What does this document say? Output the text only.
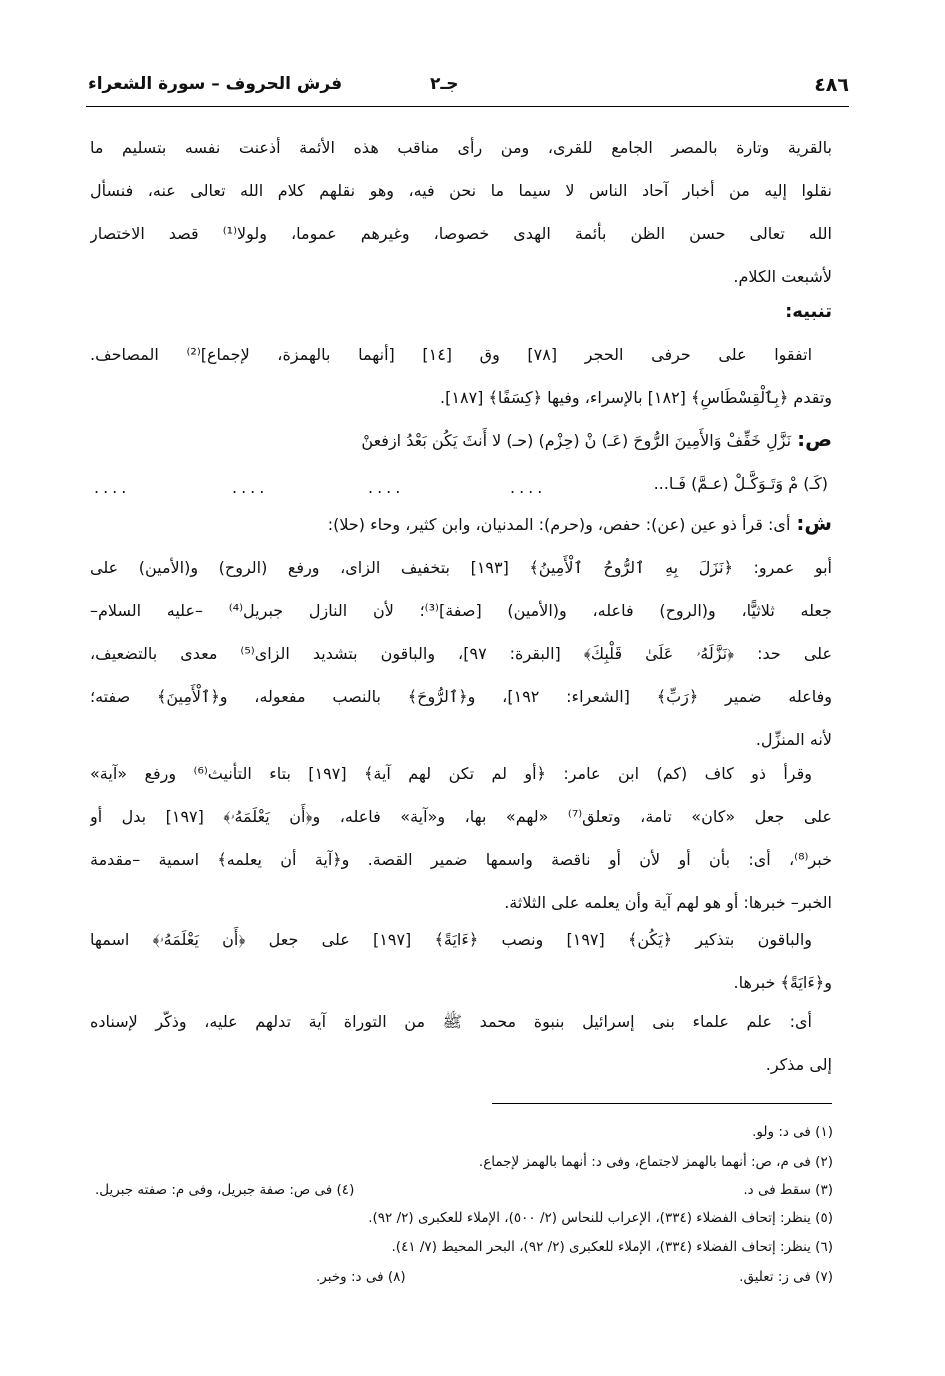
٤٨٦
جـ٢
فرش الحروف – سورة الشعراء
بالقرية وتارة بالمصر الجامع للقرى، ومن رأى مناقب هذه الأئمة أذعنت نفسه بتسليم ما
نقلوا إليه من أخبار آحاد الناس لا سيما ما نحن فيه، وهو نقلهم كلام الله تعالى عنه، فنسأل
الله تعالى حسن الظن بأئمة الهدى خصوصا، وغيرهم عموما، ولولا⁽¹⁾ قصد الاختصار
لأشبعت الكلام.
تنبيه:
اتفقوا على حرفى الحجر [٧٨] وق [١٤] [أنهما بالهمزة، لإجماع]⁽²⁾ المصاحف.
وتقدم ﴿بِٱلْقِسْطَاسِ﴾ [١٨٢] بالإسراء، وفيها ﴿كِسَفًا﴾ [١٨٧].
ص:نَزَّلِ خَفِّفْ وَالأَمِينَ الرُّوحَ (عَـ) نْ (حِزْم) (حـ) لا أَنثَ يَكُن بَعْدُ ازفعنْ
(كَـ) مْ وَتَـوَكَّـلْ (عـمَّ) فَـا...
....	....	....	....
ش:أى: قرأ ذو عين (عن): حفص، و(حرم): المدنيان، وابن كثير، وحاء (حلا):
أبو عمرو: ﴿نَزَلَ بِهِ ٱلرُّوحُ ٱلْأَمِينُ﴾ [١٩٣] بتخفيف الزاى، ورفع (الروح) و(الأمين) على
جعله ثلاثيًّا، و(الروح) فاعله، و(الأمين) [صفة]⁽³⁾؛ لأن النازل جبريل⁽⁴⁾ –عليه السلام–
على حد: ﴿نَزَّلَهُۥ عَلَىٰ قَلْبِكَ﴾ [البقرة: ٩٧]، والباقون بتشديد الزاى⁽⁵⁾ معدى بالتضعيف،
وفاعله ضمير ﴿رَبِّ﴾ [الشعراء: ١٩٢]، و﴿ٱلرُّوحَ﴾ بالنصب مفعوله، و﴿ٱلْأَمِينَ﴾ صفته؛
لأنه المنزِّل.
وقرأ ذو كاف (كم) ابن عامر: ﴿أو لم تكن لهم آية﴾ [١٩٧] بتاء التأنيث⁽⁶⁾ ورفع «آية»
على جعل «كان» تامة، وتعلق⁽⁷⁾ «لهم» بها، و«آية» فاعله، و﴿أَن يَعْلَمَهُۥ﴾ [١٩٧] بدل أو
خبر⁽⁸⁾، أى: بأن أو لأن أو ناقصة واسمها ضمير القصة. و﴿آية أن يعلمه﴾ اسمية –مقدمة
الخبر– خبرها: أو هو لهم آية وأن يعلمه على الثلاثة.
والباقون بتذكير ﴿يَكُن﴾ [١٩٧] ونصب ﴿ءَايَةً﴾ [١٩٧] على جعل ﴿أَن يَعْلَمَهُۥ﴾ اسمها
و﴿ءَايَةً﴾ خبرها.
أى: علم علماء بنى إسرائيل بنبوة محمد ﷺ من التوراة آية تدلهم عليه، وذكّر لإسناده
إلى مذكر.
(١) فى د: ولو.
(٢) فى م، ص: أنهما بالهمز لاجتماع، وفى د: أنهما بالهمز لإجماع.
(٣) سقط فى د.
(٤) فى ص: صفة جبريل، وفى م: صفته جبريل.
(٥) ينظر: إتحاف الفضلاء (٣٣٤)، الإعراب للنحاس (٢/ ٥٠٠)، الإملاء للعكبرى (٢/ ٩٢).
(٦) ينظر: إتحاف الفضلاء (٣٣٤)، الإملاء للعكبرى (٢/ ٩٢)، البحر المحيط (٧/ ٤١).
(٧) فى ز: تعليق.
(٨) فى د: وخبر.
